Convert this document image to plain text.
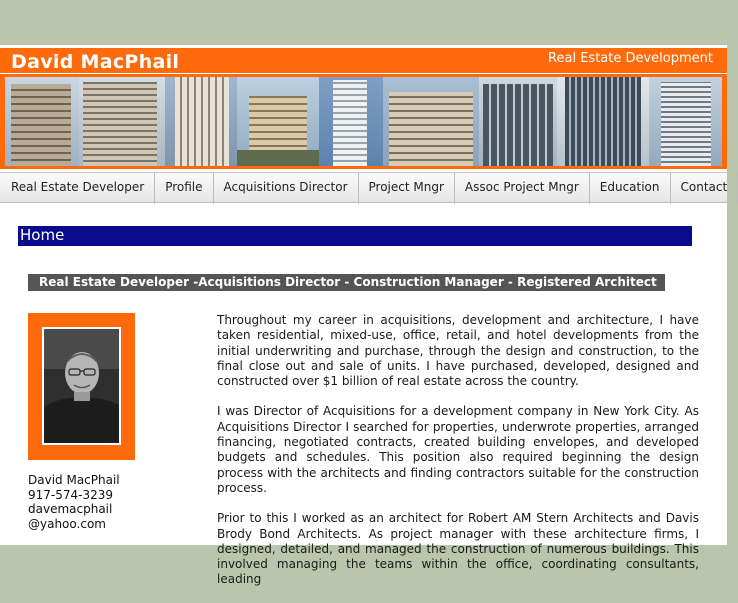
David MacPhail	Real Estate Development
Real Estate Developer	Profile	Acquisitions Director	Project Mngr	Assoc Project Mngr	Education	Contact
Home
Real Estate Developer -Acquisitions Director - Construction Manager - Registered Architect
David MacPhail
917-574-3239
davemacphail
@yahoo.com

Throughout my career in acquisitions, development and architecture, I have taken residential, mixed-use, office, retail, and hotel developments from the initial underwriting and purchase, through the design and construction, to the final close out and sale of units. I have purchased, developed, designed and constructed over $1 billion of real estate across the country.

I was Director of Acquisitions for a development company in New York City. As Acquisitions Director I searched for properties, underwrote properties, arranged financing, negotiated contracts, created building envelopes, and developed budgets and schedules. This position also required beginning the design process with the architects and finding contractors suitable for the construction process.

Prior to this I worked as an architect for Robert AM Stern Architects and Davis Brody Bond Architects. As project manager with these architecture firms, I designed, detailed, and managed the construction of numerous buildings. This involved managing the teams within the office, coordinating consultants, leading
